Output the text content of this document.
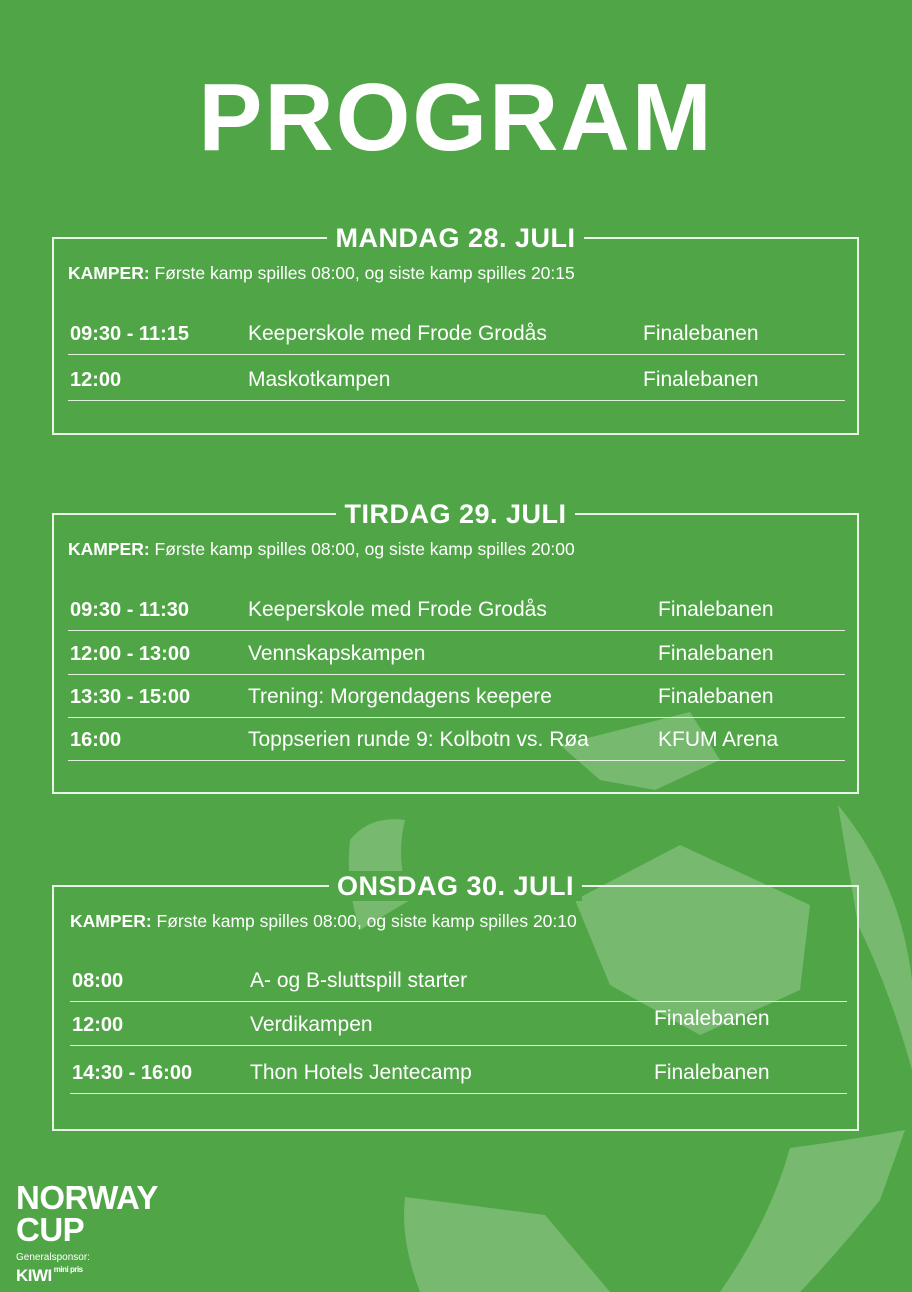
PROGRAM
MANDAG 28. JULI
KAMPER: Første kamp spilles 08:00, og siste kamp spilles 20:15
09:30 - 11:15	Keeperskole med Frode Grodås	Finalebanen
12:00	Maskotkampen	Finalebanen
TIRDAG 29. JULI
KAMPER: Første kamp spilles 08:00, og siste kamp spilles 20:00
09:30 - 11:30	Keeperskole med Frode Grodås	Finalebanen
12:00 - 13:00	Vennskapskampen	Finalebanen
13:30 - 15:00	Trening: Morgendagens keepere	Finalebanen
16:00	Toppserien runde 9: Kolbotn vs. Røa	KFUM Arena
ONSDAG 30. JULI
KAMPER: Første kamp spilles 08:00, og siste kamp spilles 20:10
08:00	A- og B-sluttspill starter
12:00	Verdikampen	Finalebanen
14:30 - 16:00	Thon Hotels Jentecamp	Finalebanen
NORWAY
CUP
Generalsponsor:
KIWI mini pris
